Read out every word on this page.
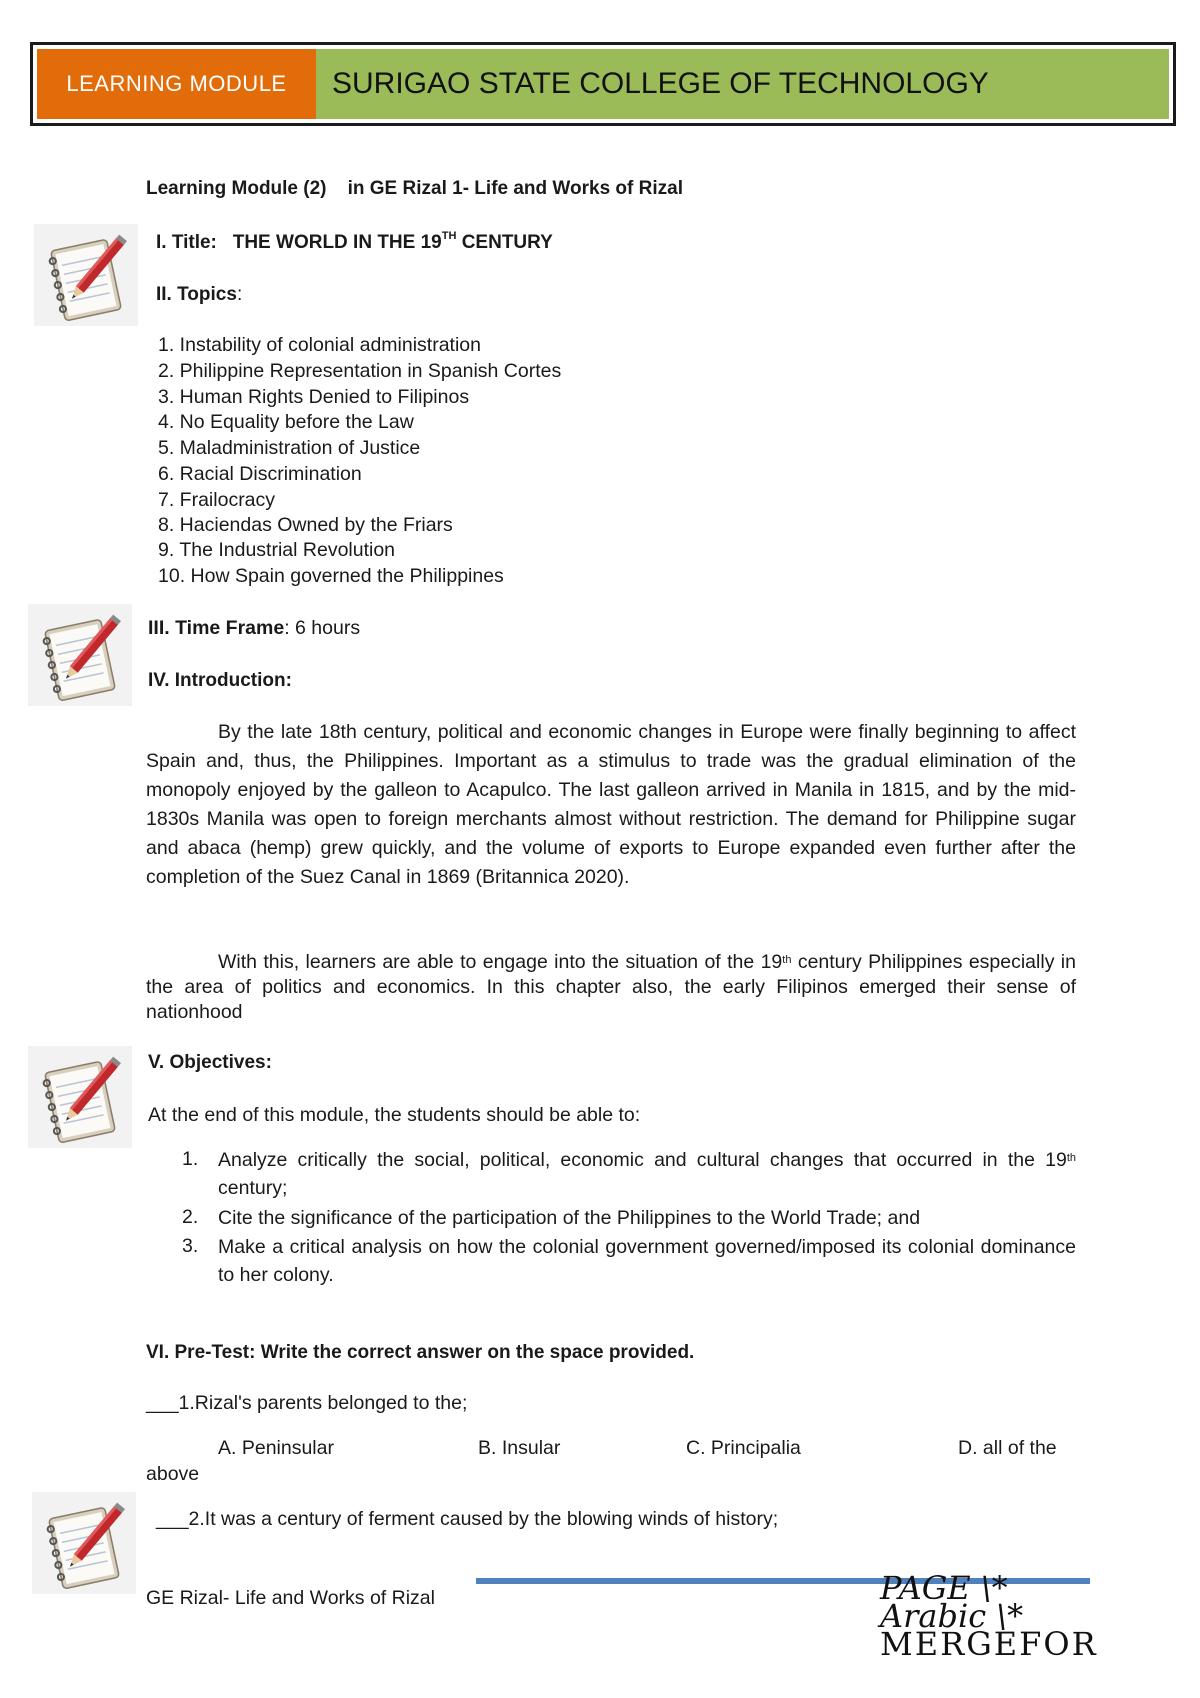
LEARNING MODULE	SURIGAO STATE COLLEGE OF TECHNOLOGY
Learning Module (2)    in GE Rizal 1- Life and Works of Rizal
I. Title: THE WORLD IN THE 19TH CENTURY
II. Topics:
1. Instability of colonial administration
2. Philippine Representation in Spanish Cortes
3. Human Rights Denied to Filipinos
4. No Equality before the Law
5. Maladministration of Justice
6. Racial Discrimination
7. Frailocracy
8. Haciendas Owned by the Friars
9. The Industrial Revolution
10. How Spain governed the Philippines
III. Time Frame: 6 hours
IV. Introduction:
By the late 18th century, political and economic changes in Europe were finally beginning to affect Spain and, thus, the Philippines. Important as a stimulus to trade was the gradual elimination of the monopoly enjoyed by the galleon to Acapulco. The last galleon arrived in Manila in 1815, and by the mid-1830s Manila was open to foreign merchants almost without restriction. The demand for Philippine sugar and abaca (hemp) grew quickly, and the volume of exports to Europe expanded even further after the completion of the Suez Canal in 1869 (Britannica 2020).
With this, learners are able to engage into the situation of the 19th century Philippines especially in the area of politics and economics. In this chapter also, the early Filipinos emerged their sense of nationhood
V. Objectives:
At the end of this module, the students should be able to:
1. Analyze critically the social, political, economic and cultural changes that occurred in the 19th century;
2. Cite the significance of the participation of the Philippines to the World Trade; and
3. Make a critical analysis on how the colonial government governed/imposed its colonial dominance to her colony.
VI. Pre-Test: Write the correct answer on the space provided.
___1.Rizal's parents belonged to the;
A. Peninsular	B. Insular	C. Principalia	D. all of the
above
___2.It was a century of ferment caused by the blowing winds of history;
GE Rizal- Life and Works of Rizal	PAGE \*
Arabic \*
MERGEFOR
